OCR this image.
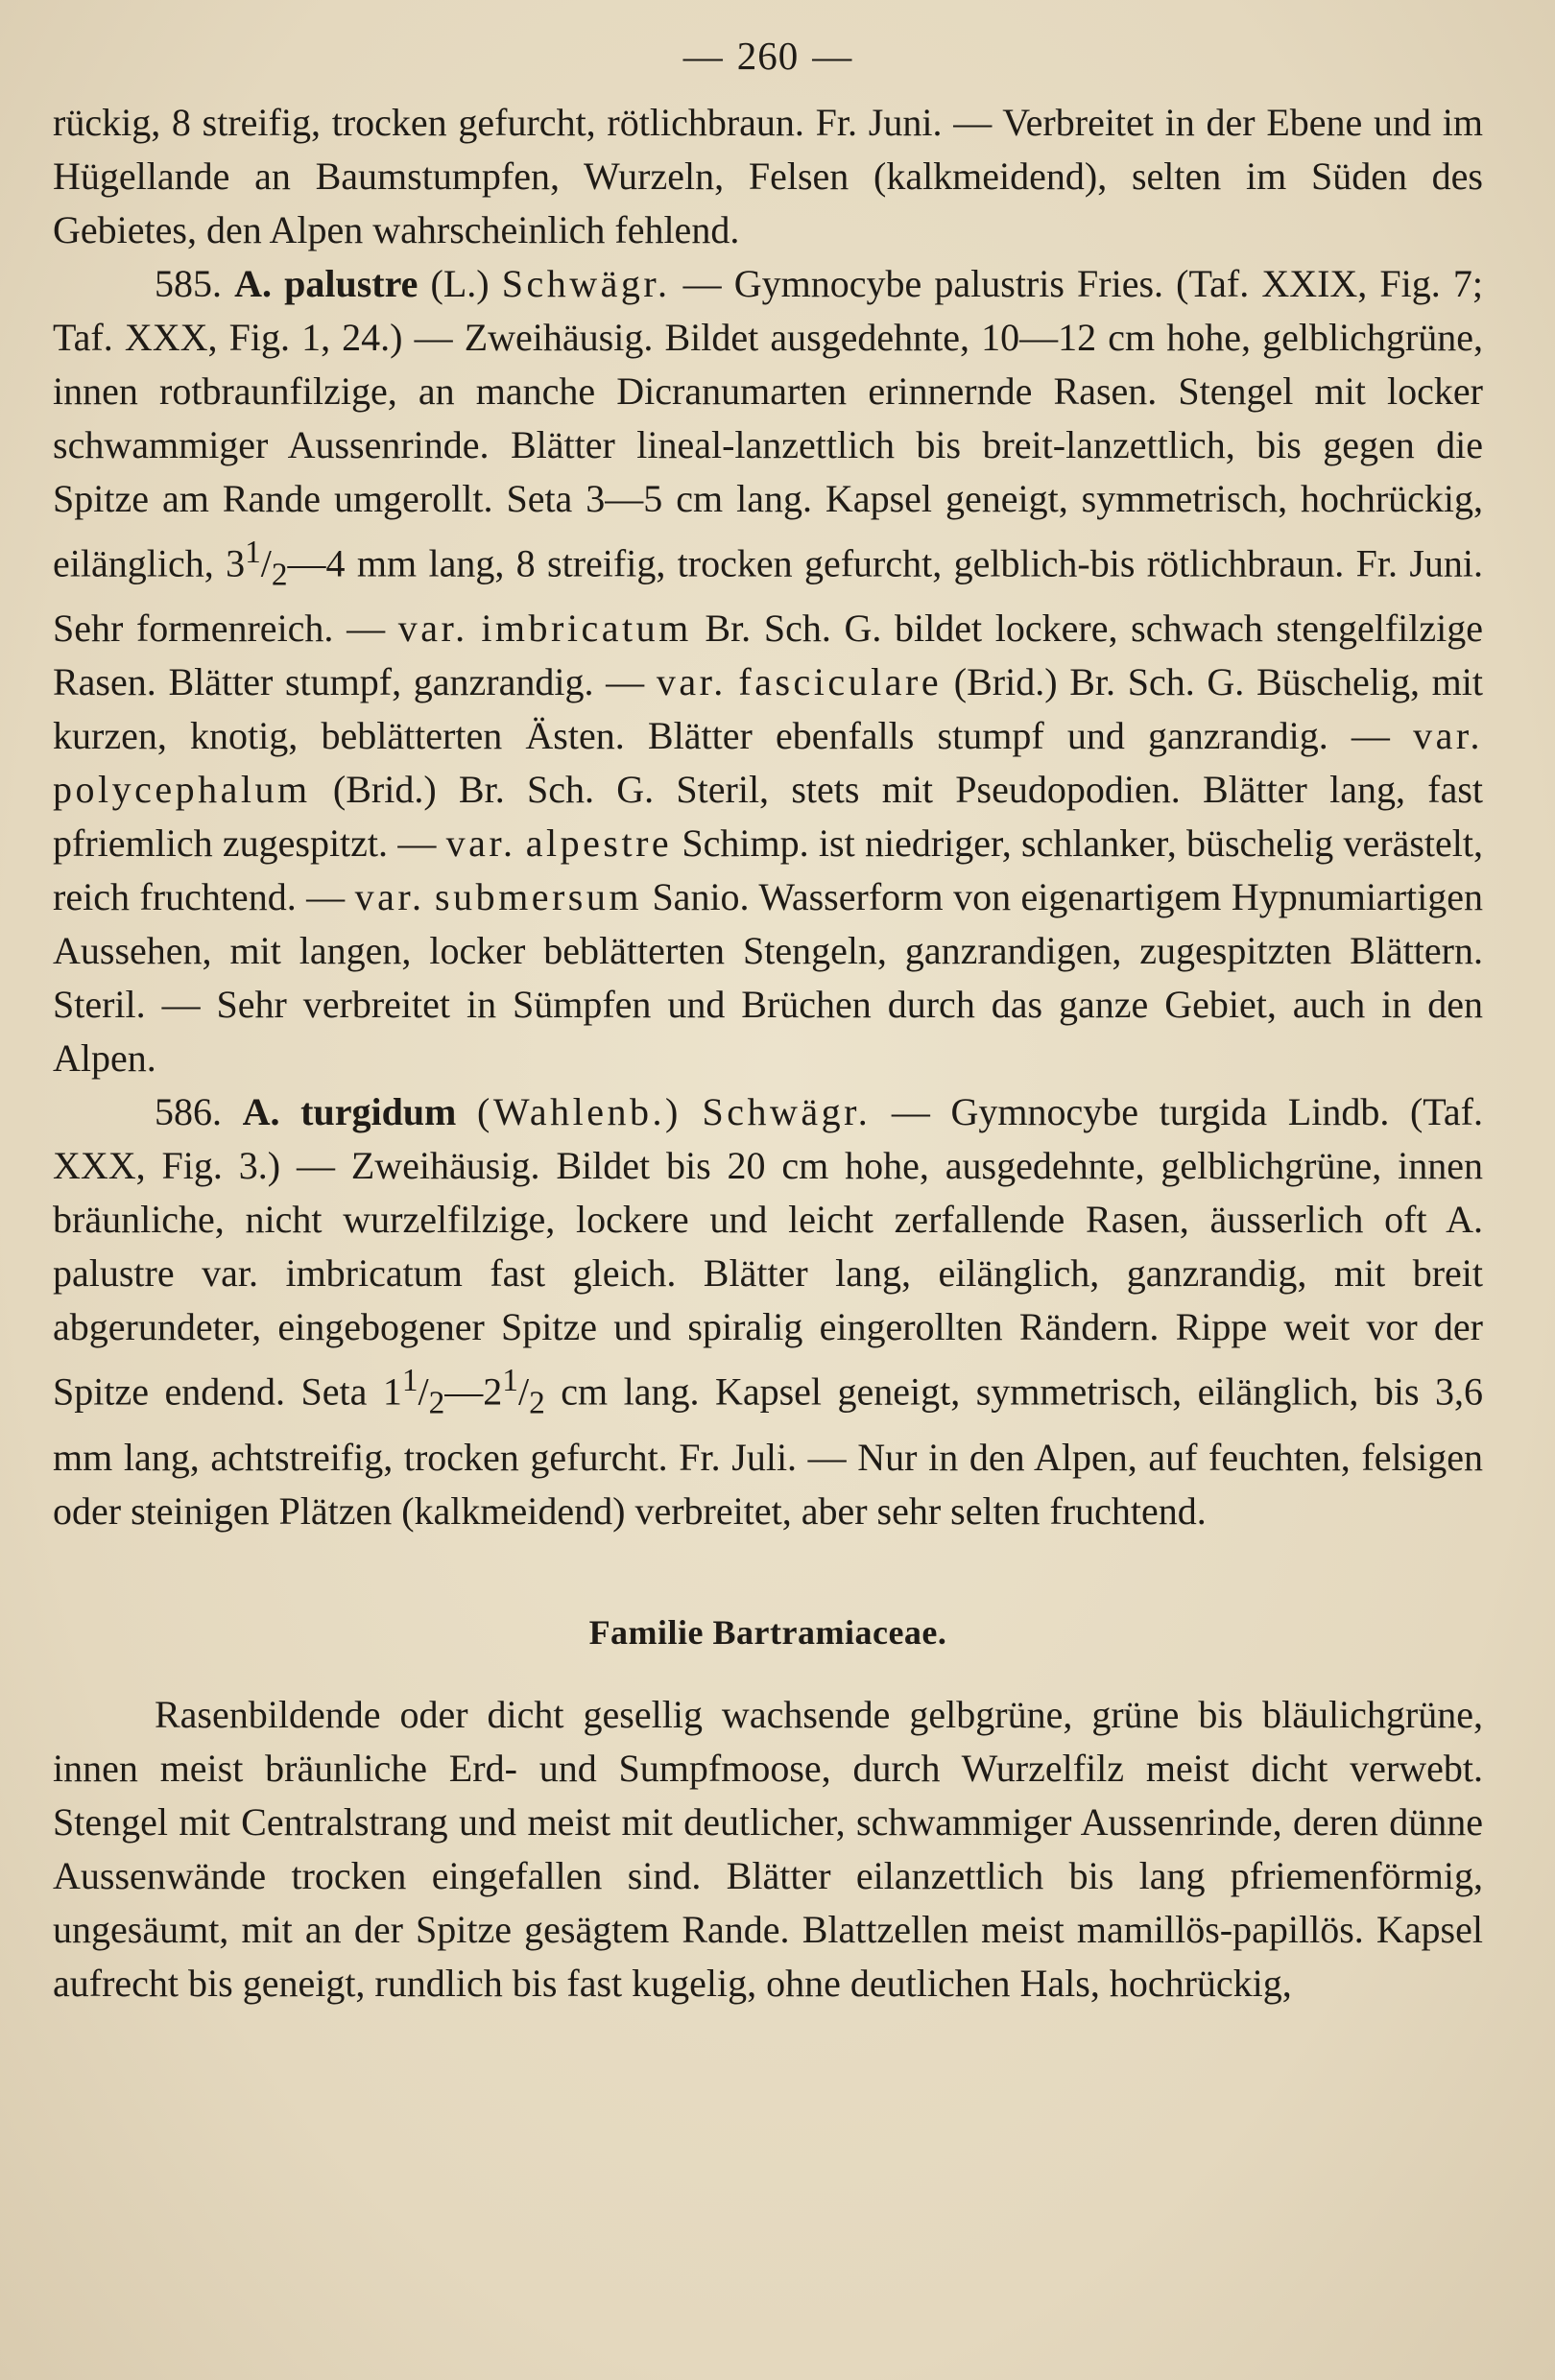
— 260 —

rückig, 8 streifig, trocken gefurcht, rötlichbraun. Fr. Juni. — Verbreitet in der Ebene und im Hügellande an Baumstumpfen, Wurzeln, Felsen (kalkmeidend), selten im Süden des Gebietes, den Alpen wahrscheinlich fehlend.

585. A. palustre (L.) Schwägr. — Gymnocybe palustris Fries. (Taf. XXIX, Fig. 7; Taf. XXX, Fig. 1, 24.) — Zweihäusig. Bildet ausgedehnte, 10—12 cm hohe, gelblichgrüne, innen rotbraunfilzige, an manche Dicranumarten erinnernde Rasen. Stengel mit locker schwammiger Aussenrinde. Blätter lineal-lanzettlich bis breit-lanzettlich, bis gegen die Spitze am Rande umgerollt. Seta 3—5 cm lang. Kapsel geneigt, symmetrisch, hochrückig, eilänglich, $3^1/_2—4$ mm lang, 8 streifig, trocken gefurcht, gelblich-bis rötlichbraun. Fr. Juni. Sehr formenreich. — var. imbricatum Br. Sch. G. bildet lockere, schwach stengelfilzige Rasen. Blätter stumpf, ganzrandig. — var. fasciculare (Brid.) Br. Sch. G. Büschelig, mit kurzen, knotig, beblätterten Ästen. Blätter ebenfalls stumpf und ganzrandig. — var. polycephalum (Brid.) Br. Sch. G. Steril, stets mit Pseudopodien. Blätter lang, fast pfriemlich zugespitzt. — var. alpestre Schimp. ist niedriger, schlanker, büschelig verästelt, reich fruchtend. — var. submersum Sanio. Wasserform von eigenartigem Hypnumiartigen Aussehen, mit langen, locker beblätterten Stengeln, ganzrandigen, zugespitzten Blättern. Steril. — Sehr verbreitet in Sümpfen und Brüchen durch das ganze Gebiet, auch in den Alpen.

586. A. turgidum (Wahlenb.) Schwägr. — Gymnocybe turgida Lindb. (Taf. XXX, Fig. 3.) — Zweihäusig. Bildet bis 20 cm hohe, ausgedehnte, gelblichgrüne, innen bräunliche, nicht wurzelfilzige, lockere und leicht zerfallende Rasen, äusserlich oft A. palustre var. imbricatum fast gleich. Blätter lang, eilänglich, ganzrandig, mit breit abgerundeter, eingebogener Spitze und spiralig eingerollten Rändern. Rippe weit vor der Spitze endend. Seta $1^1/_2—2^1/_2$ cm lang. Kapsel geneigt, symmetrisch, eilänglich, bis 3,6 mm lang, achtstreifig, trocken gefurcht. Fr. Juli. — Nur in den Alpen, auf feuchten, felsigen oder steinigen Plätzen (kalkmeidend) verbreitet, aber sehr selten fruchtend.

Familie Bartramiaceae.

Rasenbildende oder dicht gesellig wachsende gelbgrüne, grüne bis bläulichgrüne, innen meist bräunliche Erd- und Sumpfmoose, durch Wurzelfilz meist dicht verwebt. Stengel mit Centralstrang und meist mit deutlicher, schwammiger Aussenrinde, deren dünne Aussenwände trocken eingefallen sind. Blätter eilanzettlich bis lang pfriemenförmig, ungesäumt, mit an der Spitze gesägtem Rande. Blattzellen meist mamillös-papillös. Kapsel aufrecht bis geneigt, rundlich bis fast kugelig, ohne deutlichen Hals, hochrückig,
